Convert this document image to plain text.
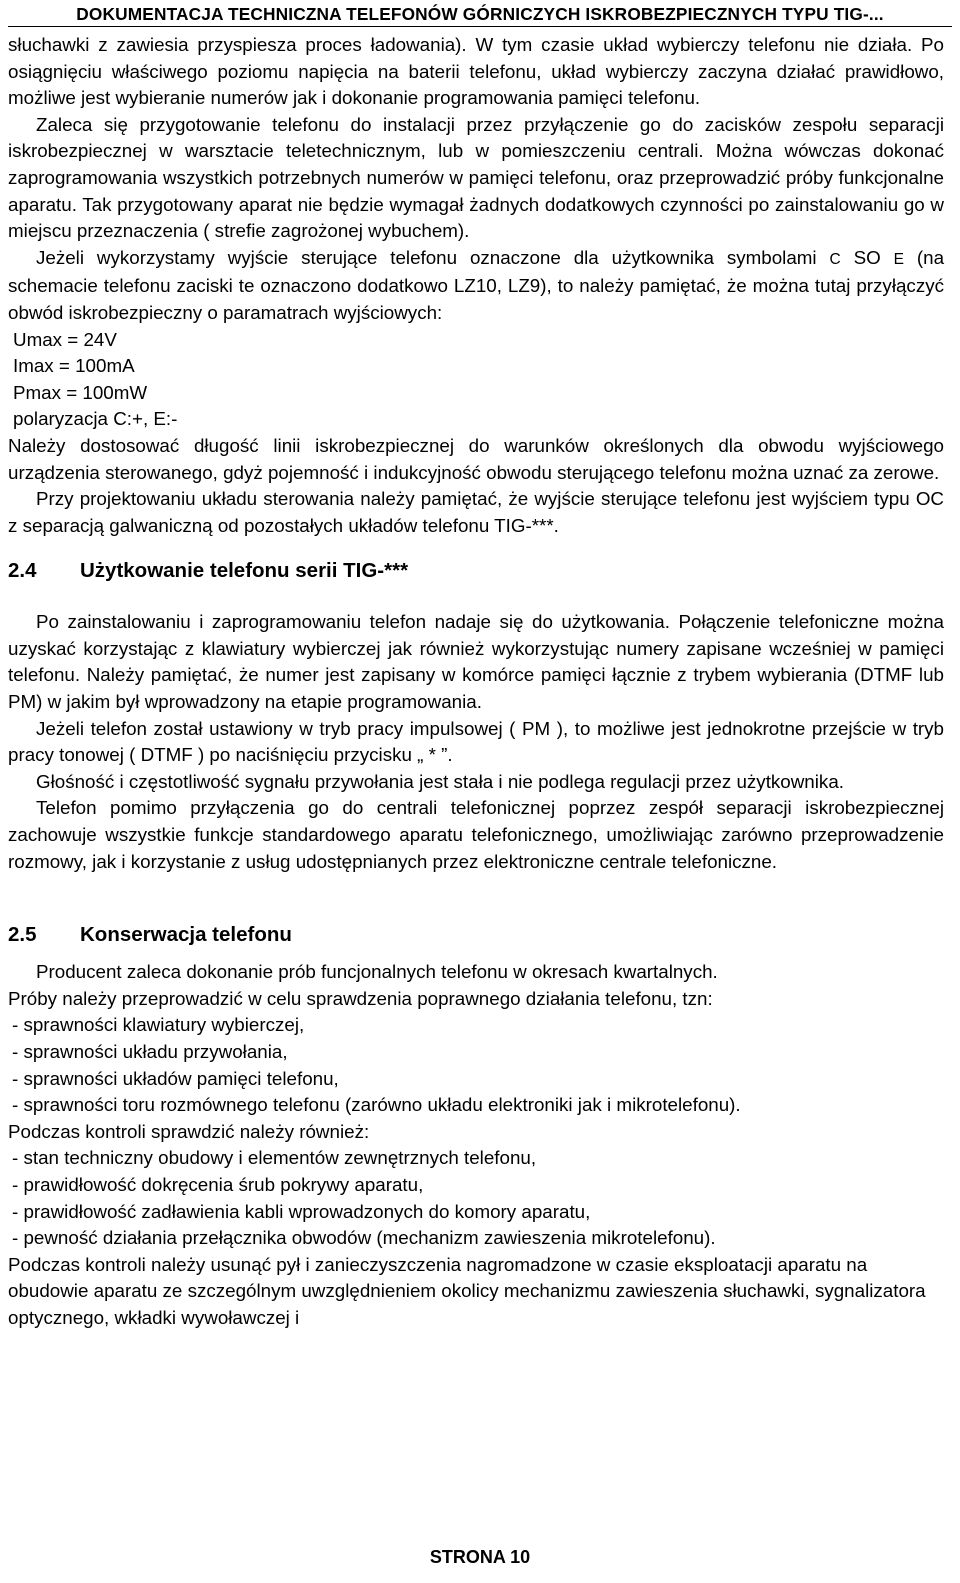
DOKUMENTACJA TECHNICZNA TELEFONÓW GÓRNICZYCH ISKROBEZPIECZNYCH TYPU TIG-...

słuchawki z zawiesia przyspiesza proces ładowania). W tym czasie układ wybierczy telefonu nie działa. Po osiągnięciu właściwego poziomu napięcia na baterii telefonu, układ wybierczy zaczyna działać prawidłowo, możliwe jest wybieranie numerów jak i dokonanie programowania pamięci telefonu.

Zaleca się przygotowanie telefonu do instalacji przez przyłączenie go do zacisków zespołu separacji iskrobezpiecznej w warsztacie teletechnicznym, lub w pomieszczeniu centrali. Można wówczas dokonać zaprogramowania wszystkich potrzebnych numerów w pamięci telefonu, oraz przeprowadzić próby funkcjonalne aparatu. Tak przygotowany aparat nie będzie wymagał żadnych dodatkowych czynności po zainstalowaniu go w miejscu przeznaczenia ( strefie zagrożonej wybuchem).

Jeżeli wykorzystamy wyjście sterujące telefonu oznaczone dla użytkownika symbolami C SO E (na schemacie telefonu zaciski te oznaczono dodatkowo LZ10, LZ9), to należy pamiętać, że można tutaj przyłączyć obwód iskrobezpieczny o paramatrach wyjściowych:

Umax = 24V

Imax = 100mA

Pmax = 100mW

polaryzacja C:+, E:-

Należy dostosować długość linii iskrobezpiecznej do warunków określonych dla obwodu wyjściowego urządzenia sterowanego, gdyż pojemność i indukcyjność obwodu sterującego telefonu można uznać za zerowe.

Przy projektowaniu układu sterowania należy pamiętać, że wyjście sterujące telefonu jest wyjściem typu OC z separacją galwaniczną od pozostałych układów telefonu TIG-***.

2.4	Użytkowanie telefonu serii TIG-***

Po zainstalowaniu i zaprogramowaniu telefon nadaje się do użytkowania. Połączenie telefoniczne można uzyskać korzystając z klawiatury wybierczej jak również wykorzystując numery zapisane wcześniej w pamięci telefonu. Należy pamiętać, że numer jest zapisany w komórce pamięci łącznie z trybem wybierania (DTMF lub PM) w jakim był wprowadzony na etapie programowania.

Jeżeli telefon został ustawiony w tryb pracy impulsowej ( PM ), to możliwe jest jednokrotne przejście w tryb pracy tonowej ( DTMF ) po naciśnięciu przycisku „ * ”.

Głośność i częstotliwość sygnału przywołania jest stała i nie podlega regulacji przez użytkownika.

Telefon pomimo przyłączenia go do centrali telefonicznej poprzez zespół separacji iskrobezpiecznej zachowuje wszystkie funkcje standardowego aparatu telefonicznego, umożliwiając zarówno przeprowadzenie rozmowy, jak i korzystanie z usług udostępnianych przez elektroniczne centrale telefoniczne.

2.5	Konserwacja telefonu

Producent zaleca dokonanie prób funcjonalnych telefonu w okresach kwartalnych.

Próby należy przeprowadzić w celu sprawdzenia poprawnego działania telefonu, tzn:

- sprawności klawiatury wybierczej,

- sprawności układu przywołania,

- sprawności układów pamięci telefonu,

- sprawności toru rozmównego telefonu (zarówno układu elektroniki jak i mikrotelefonu).

Podczas kontroli sprawdzić należy również:

- stan techniczny obudowy i elementów zewnętrznych telefonu,

- prawidłowość dokręcenia śrub pokrywy aparatu,

- prawidłowość zadławienia kabli wprowadzonych do komory aparatu,

- pewność działania przełącznika obwodów (mechanizm zawieszenia mikrotelefonu).

Podczas kontroli należy usunąć pył i zanieczyszczenia nagromadzone w czasie eksploatacji aparatu na obudowie aparatu ze szczególnym uwzględnieniem okolicy mechanizmu zawieszenia słuchawki, sygnalizatora optycznego, wkładki wywoławczej i

STRONA 10
